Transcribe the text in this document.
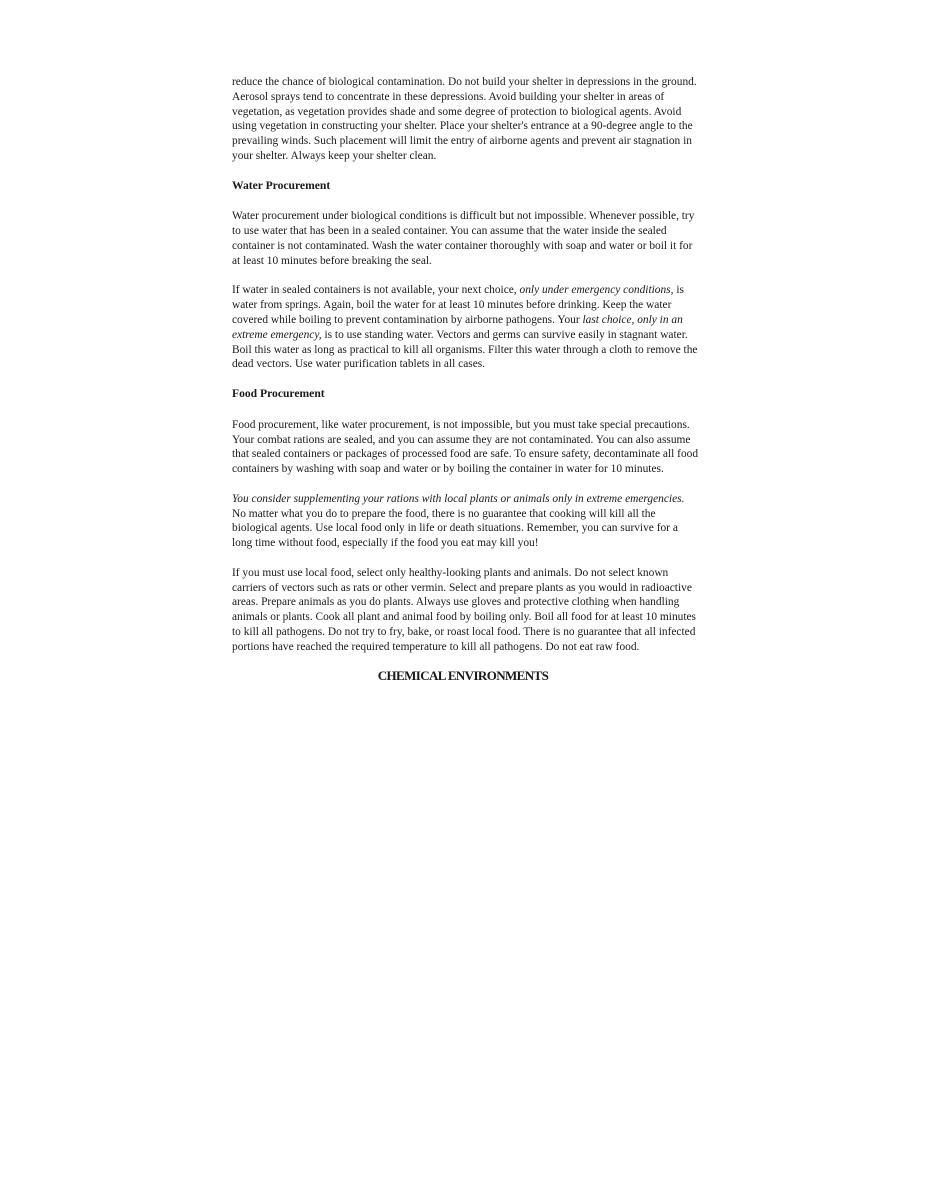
reduce the chance of biological contamination. Do not build your shelter in depressions in the ground. Aerosol sprays tend to concentrate in these depressions. Avoid building your shelter in areas of vegetation, as vegetation provides shade and some degree of protection to biological agents. Avoid using vegetation in constructing your shelter. Place your shelter's entrance at a 90-degree angle to the prevailing winds. Such placement will limit the entry of airborne agents and prevent air stagnation in your shelter. Always keep your shelter clean.

Water Procurement

Water procurement under biological conditions is difficult but not impossible. Whenever possible, try to use water that has been in a sealed container. You can assume that the water inside the sealed container is not contaminated. Wash the water container thoroughly with soap and water or boil it for at least 10 minutes before breaking the seal.

If water in sealed containers is not available, your next choice, only under emergency conditions, is water from springs. Again, boil the water for at least 10 minutes before drinking. Keep the water covered while boiling to prevent contamination by airborne pathogens. Your last choice, only in an extreme emergency, is to use standing water. Vectors and germs can survive easily in stagnant water. Boil this water as long as practical to kill all organisms. Filter this water through a cloth to remove the dead vectors. Use water purification tablets in all cases.

Food Procurement

Food procurement, like water procurement, is not impossible, but you must take special precautions. Your combat rations are sealed, and you can assume they are not contaminated. You can also assume that sealed containers or packages of processed food are safe. To ensure safety, decontaminate all food containers by washing with soap and water or by boiling the container in water for 10 minutes.

You consider supplementing your rations with local plants or animals only in extreme emergencies. No matter what you do to prepare the food, there is no guarantee that cooking will kill all the biological agents. Use local food only in life or death situations. Remember, you can survive for a long time without food, especially if the food you eat may kill you!

If you must use local food, select only healthy-looking plants and animals. Do not select known carriers of vectors such as rats or other vermin. Select and prepare plants as you would in radioactive areas. Prepare animals as you do plants. Always use gloves and protective clothing when handling animals or plants. Cook all plant and animal food by boiling only. Boil all food for at least 10 minutes to kill all pathogens. Do not try to fry, bake, or roast local food. There is no guarantee that all infected portions have reached the required temperature to kill all pathogens. Do not eat raw food.

CHEMICAL ENVIRONMENTS
